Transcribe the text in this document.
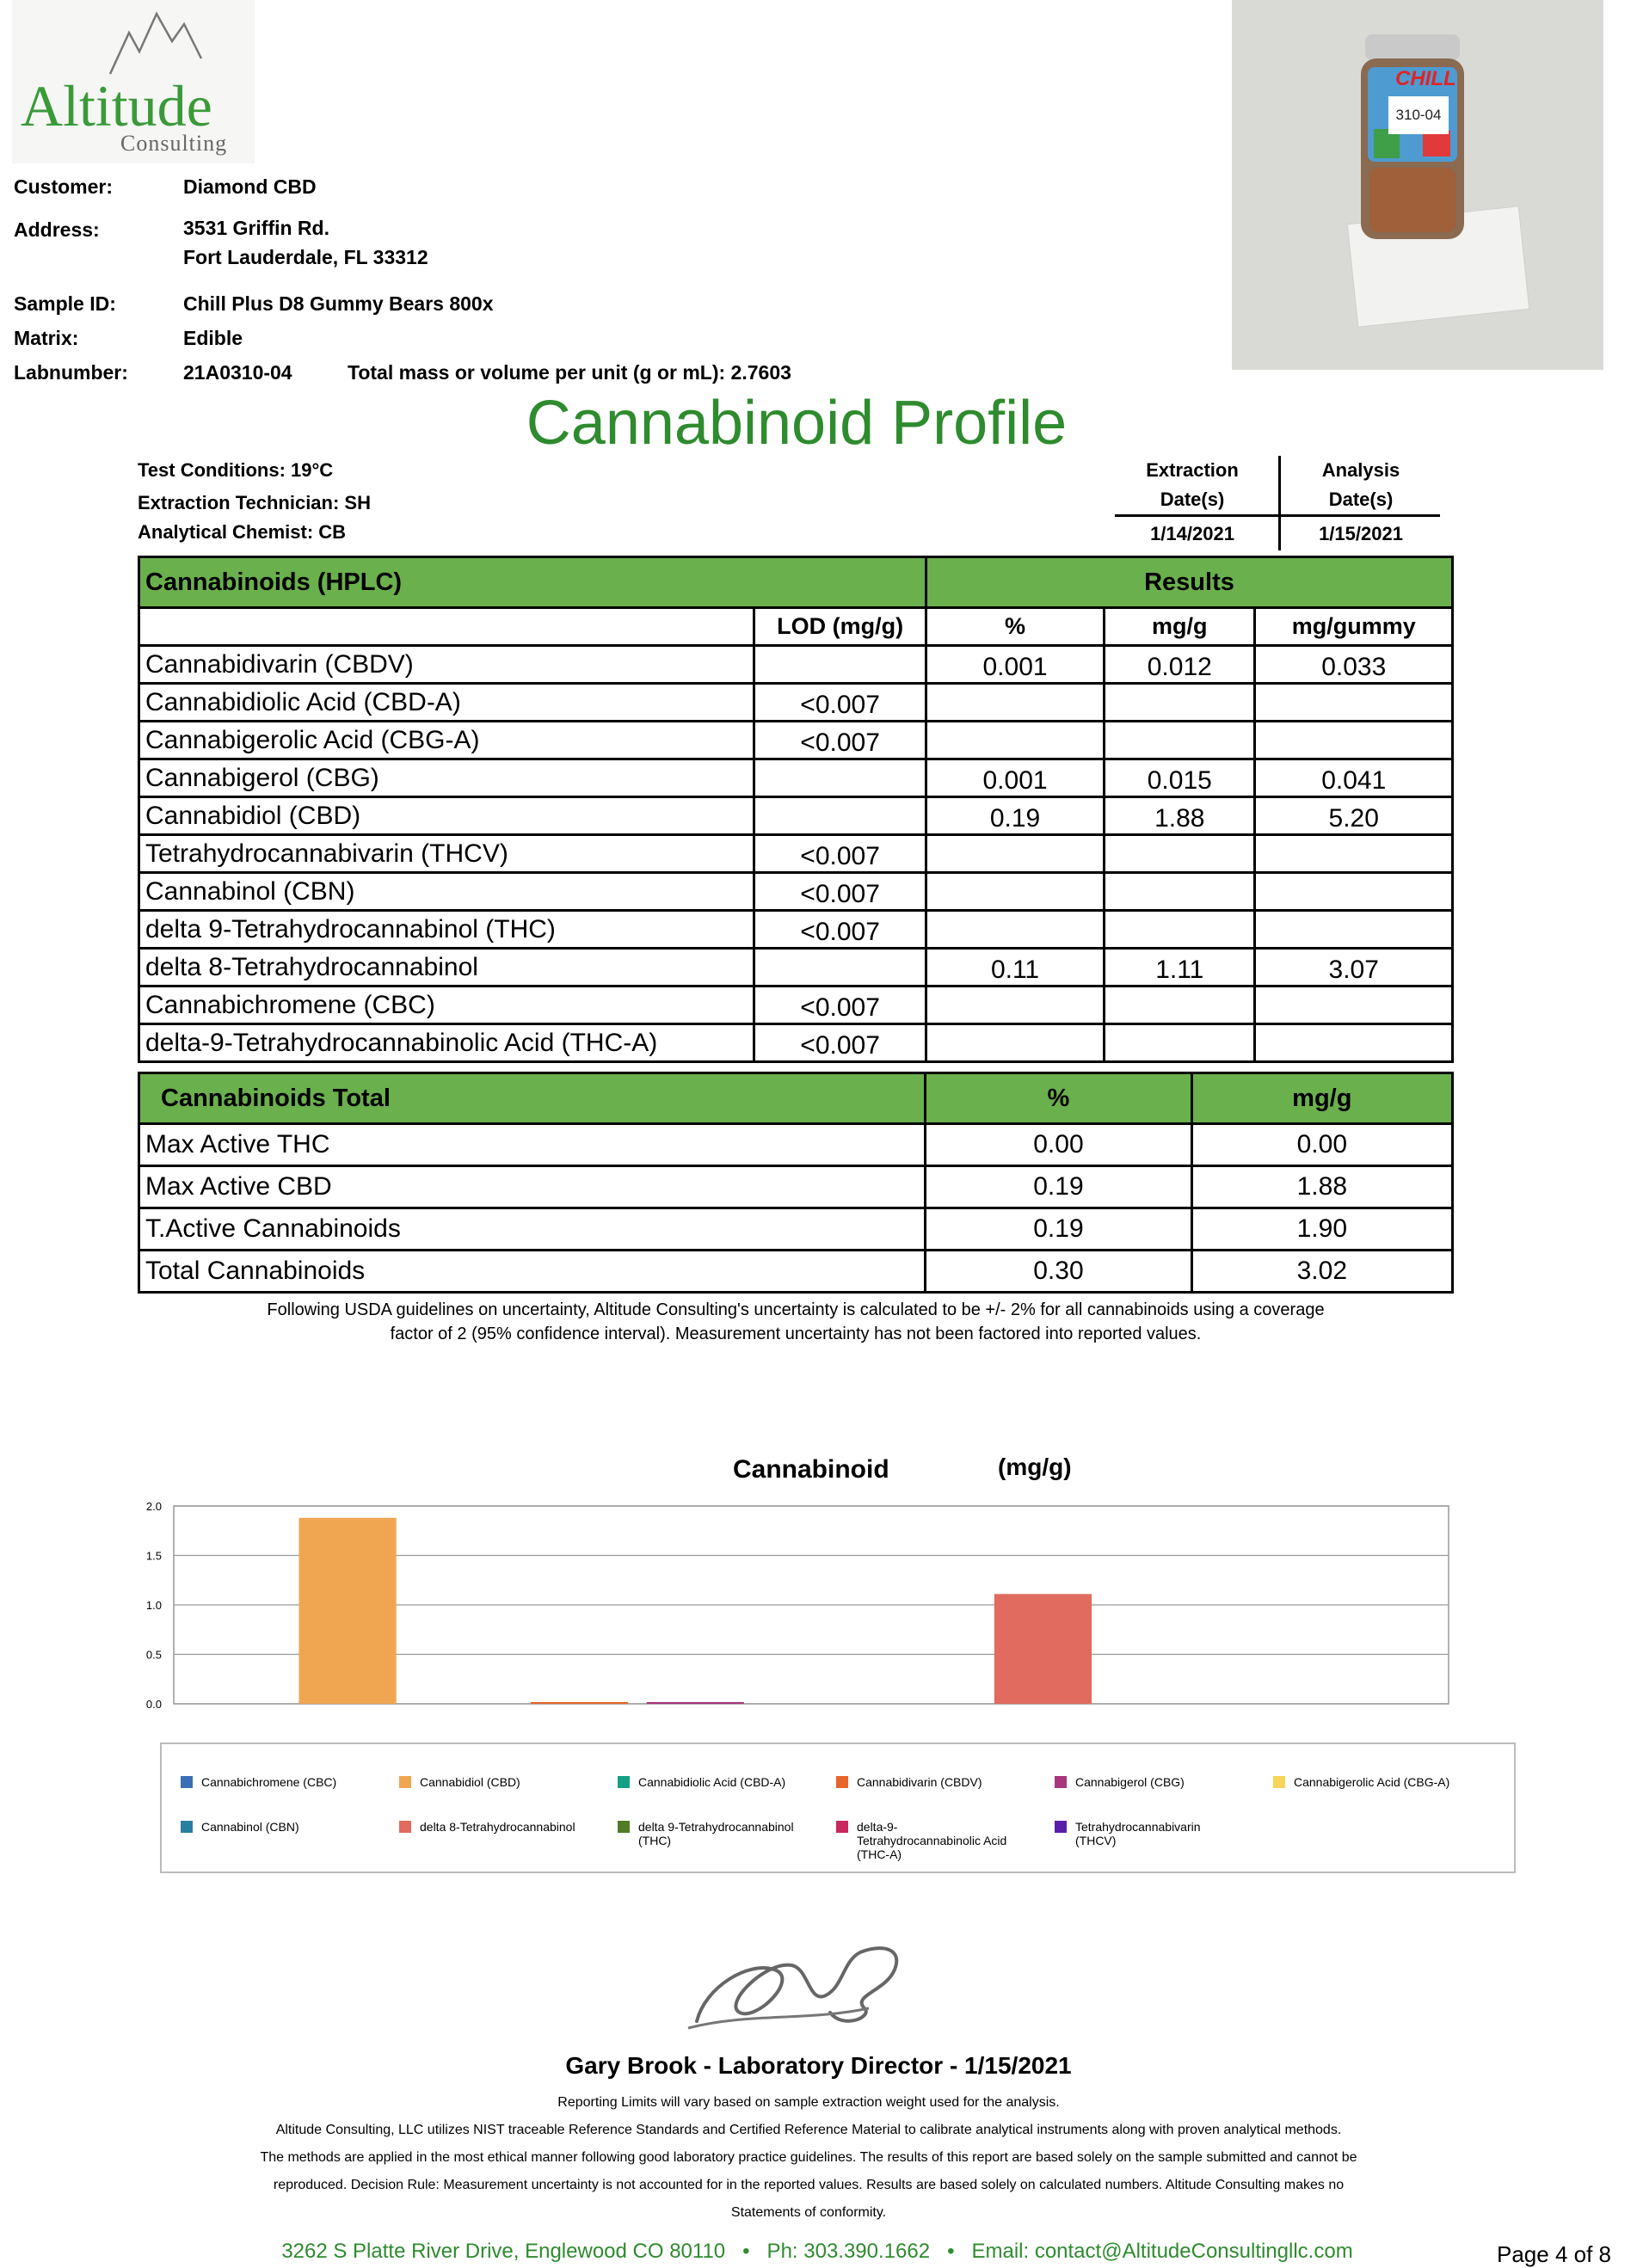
Altitude
Consulting
CHILL
310-04
Customer:	Diamond CBD
Address:	3531 Griffin Rd.
Fort Lauderdale, FL 33312
Sample ID:	Chill Plus D8 Gummy Bears 800x
Matrix:	Edible
Labnumber:	21A0310-04	Total mass or volume per unit (g or mL): 2.7603
Cannabinoid Profile
Test Conditions: 19°C
Extraction Technician: SH
Analytical Chemist: CB
Extraction
Date(s)
Analysis
Date(s)
1/14/2021	1/15/2021
Cannabinoids (HPLC)		Results		
	LOD (mg/g)	%	mg/g	mg/gummy
Cannabidivarin (CBDV)		0.001	0.012	0.033
Cannabidiolic Acid (CBD-A)	<0.007			
Cannabigerolic Acid (CBG-A)	<0.007			
Cannabigerol (CBG)		0.001	0.015	0.041
Cannabidiol (CBD)		0.19	1.88	5.20
Tetrahydrocannabivarin (THCV)	<0.007			
Cannabinol (CBN)	<0.007			
delta 9-Tetrahydrocannabinol (THC)	<0.007			
delta 8-Tetrahydrocannabinol		0.11	1.11	3.07
Cannabichromene (CBC)	<0.007			
delta-9-Tetrahydrocannabinolic Acid (THC-A)	<0.007			
Cannabinoids Total	%	mg/g
Max Active THC	0.00	0.00
Max Active CBD	0.19	1.88
T.Active Cannabinoids	0.19	1.90
Total Cannabinoids	0.30	3.02
Following USDA guidelines on uncertainty, Altitude Consulting's uncertainty is calculated to be +/- 2% for all cannabinoids using a coverage
factor of 2 (95% confidence interval). Measurement uncertainty has not been factored into reported values.
Cannabinoid	(mg/g)
0.0
0.5
1.0
1.5
2.0
Cannabichromene (CBC)	Cannabidiol (CBD)	Cannabidiolic Acid (CBD-A)	Cannabidivarin (CBDV)	Cannabigerol (CBG)	Cannabigerolic Acid (CBG-A)
Cannabinol (CBN)	delta 8-Tetrahydrocannabinol	delta 9-Tetrahydrocannabinol (THC)
delta-9-Tetrahydrocannabinolic Acid (THC-A)
Tetrahydrocannabivarin (THCV)
Gary Brook - Laboratory Director - 1/15/2021
Reporting Limits will vary based on sample extraction weight used for the analysis.
Altitude Consulting, LLC utilizes NIST traceable Reference Standards and Certified Reference Material to calibrate analytical instruments along with proven analytical methods.
The methods are applied in the most ethical manner following good laboratory practice guidelines. The results of this report are based solely on the sample submitted and cannot be
reproduced. Decision Rule: Measurement uncertainty is not accounted for in the reported values. Results are based solely on calculated numbers. Altitude Consulting makes no
Statements of conformity.
3262 S Platte River Drive, Englewood CO 80110   •   Ph: 303.390.1662   •   Email: contact@AltitudeConsultingllc.com	Page 4 of 8
